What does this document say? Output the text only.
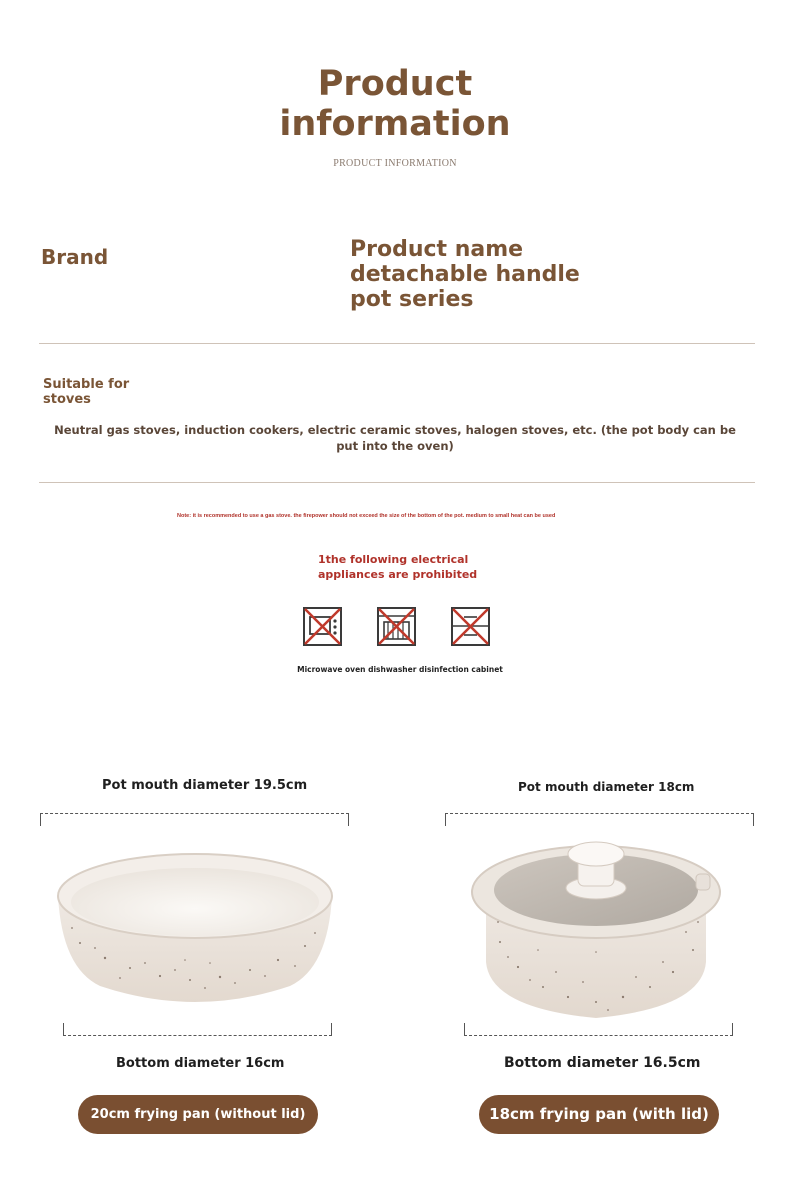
Product
information
PRODUCT INFORMATION
Brand	Product name
detachable handle
pot series
Suitable for
stoves
Neutral gas stoves, induction cookers, electric ceramic stoves, halogen stoves, etc. (the pot body can be put into the oven)
Note: it is recommended to use a gas stove. the firepower should not exceed the size of the bottom of the pot. medium to small heat can be used
1the following electrical
appliances are prohibited
Microwave oven dishwasher disinfection cabinet
Pot mouth diameter 19.5cm
Bottom diameter 16cm
20cm frying pan (without lid)
Pot mouth diameter 18cm
Bottom diameter 16.5cm
18cm frying pan (with lid)
